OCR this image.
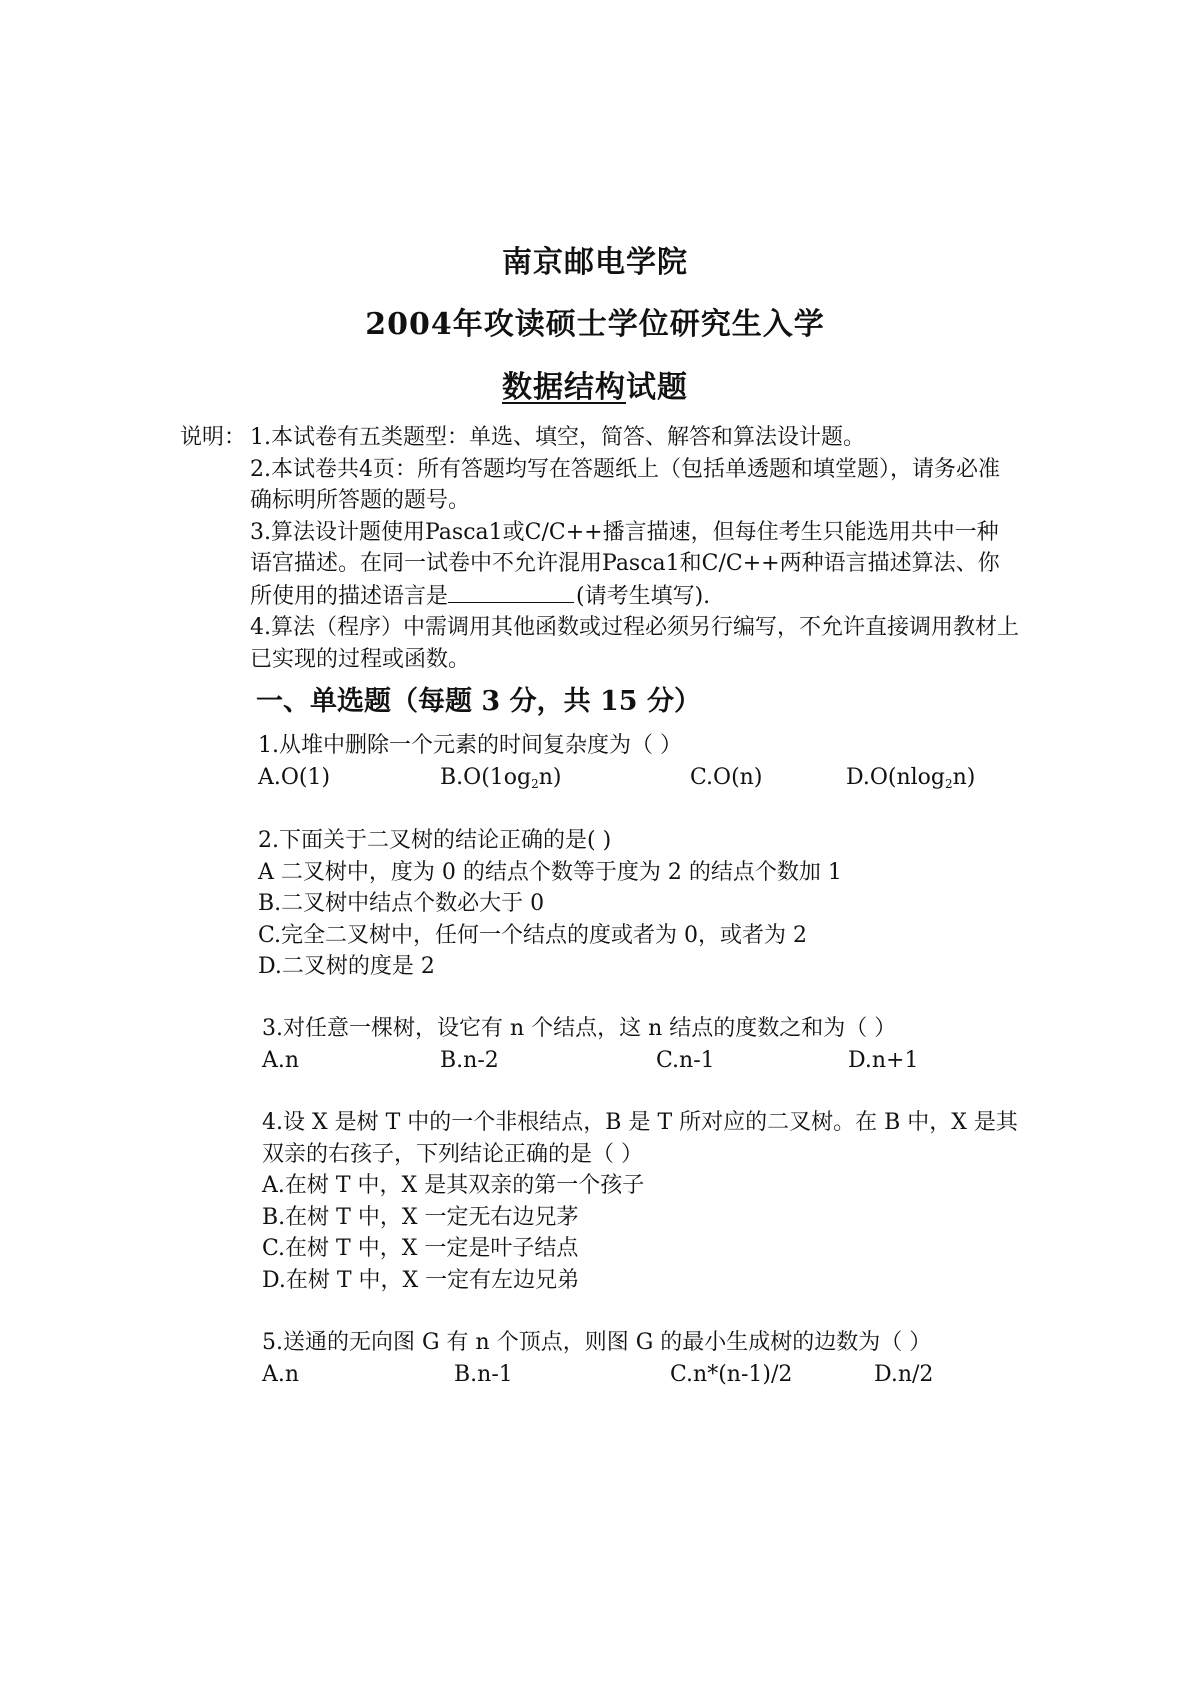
南京邮电学院
2004年攻读硕士学位研究生入学
数据结构试题
说明： 1.本试卷有五类题型：单选、填空，简答、解答和算法设计题。

2.本试卷共4页：所有答题均写在答题纸上（包括单透题和填堂题），请务必准确标明所答题的题号。

3.算法设计题使用Pasca1或C/C++播言描速，但每住考生只能选用共中一种语宫描述。在同一试卷中不允许混用Pasca1和C/C++两种语言描述算法、你所使用的描述语言是	(请考生填写).

4.算法（程序）中需调用其他函数或过程必须另行编写，不允许直接调用教材上已实现的过程或函数。

一、单选题（每题 3 分，共 15 分）

1.从堆中删除一个元素的时间复杂度为（ ）

A.O(1)	$B.O(1og_2n)$	C.O(n)	D.O(nlog$_2$n)

2.下面关于二叉树的结论正确的是( )

A 二叉树中，度为 0 的结点个数等于度为 2 的结点个数加 1

B.二叉树中结点个数必大于 0

C.完全二叉树中，任何一个结点的度或者为 0，或者为 2

D.二叉树的度是 2

3.对任意一棵树，设它有 n 个结点，这 n 结点的度数之和为（ ）

A.n	B.n-2	C.n-1	D.n+1

4.设 X 是树 T 中的一个非根结点，B 是 T 所对应的二叉树。在 B 中，X 是其双亲的右孩子，下列结论正确的是（ ）

A.在树 T 中，X 是其双亲的第一个孩子

B.在树 T 中，X 一定无右边兄茅

C.在树 T 中，X 一定是叶子结点

D.在树 T 中，X 一定有左边兄弟

5.送通的无向图 G 有 n 个顶点，则图 G 的最小生成树的边数为（ ）

A.n	B.n-1	C.n*(n-1)/2	D.n/2
